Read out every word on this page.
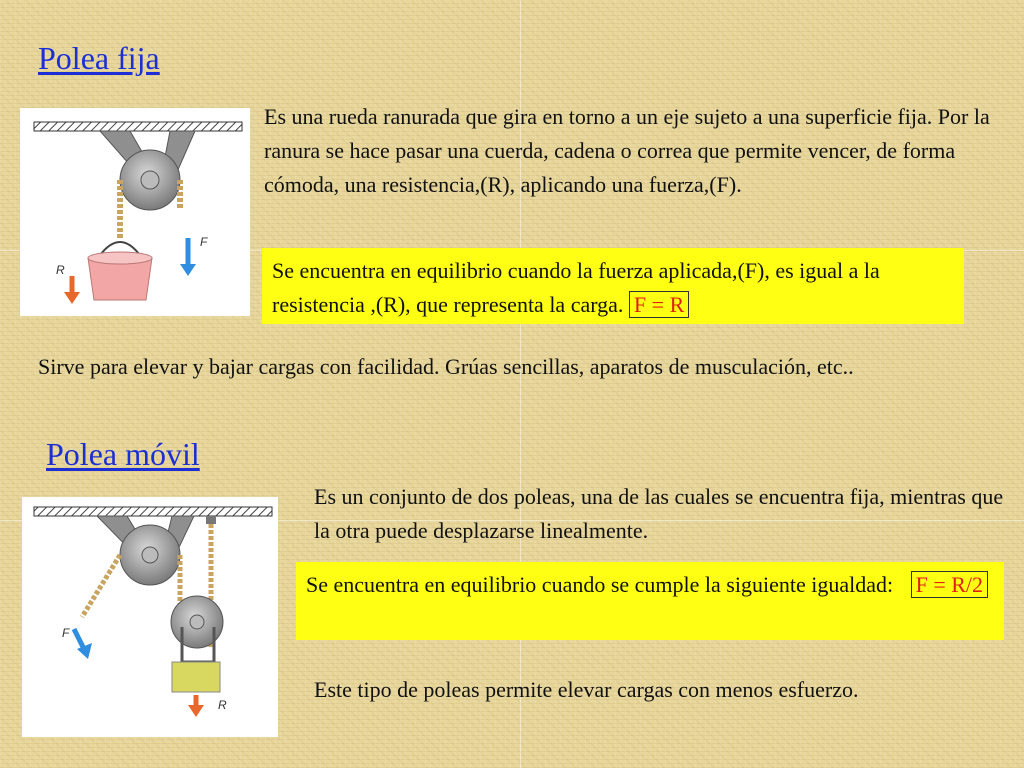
Polea fija
F
R

Es una rueda ranurada que gira en torno a un eje sujeto a una superficie fija. Por la ranura se hace pasar una cuerda, cadena o correa que permite vencer, de forma cómoda, una resistencia,(R), aplicando una fuerza,(F).

Se encuentra en equilibrio cuando la fuerza aplicada,(F), es igual a la resistencia ,(R), que representa la carga. F = R

Sirve para elevar y bajar cargas con facilidad. Grúas sencillas, aparatos de musculación, etc..

Polea móvil
F
R

Es un conjunto de dos poleas, una de las cuales se encuentra fija, mientras que la otra puede desplazarse linealmente.

Se encuentra en equilibrio cuando se cumple la siguiente igualdad: F = R/2

Este tipo de poleas permite elevar cargas con menos esfuerzo.
